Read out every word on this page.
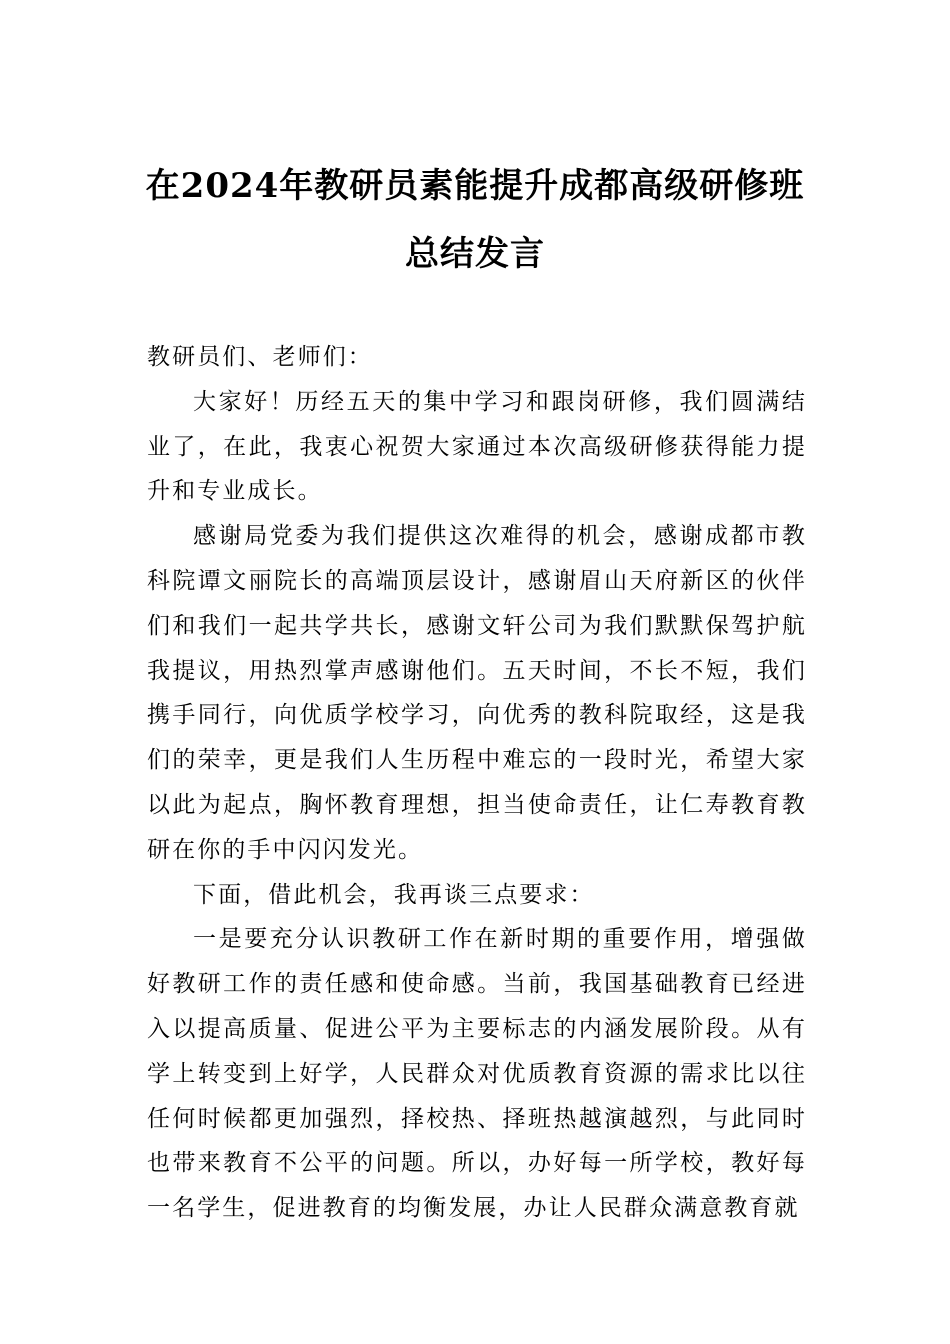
在2024年教研员素能提升成都高级研修班
总结发言

教研员们、老师们：

大家好！历经五天的集中学习和跟岗研修，我们圆满结业了，在此，我衷心祝贺大家通过本次高级研修获得能力提升和专业成长。

感谢局党委为我们提供这次难得的机会，感谢成都市教科院谭文丽院长的高端顶层设计，感谢眉山天府新区的伙伴们和我们一起共学共长，感谢文轩公司为我们默默保驾护航我提议，用热烈掌声感谢他们。五天时间，不长不短，我们携手同行，向优质学校学习，向优秀的教科院取经，这是我们的荣幸，更是我们人生历程中难忘的一段时光，希望大家以此为起点，胸怀教育理想，担当使命责任，让仁寿教育教研在你的手中闪闪发光。

下面，借此机会，我再谈三点要求：

一是要充分认识教研工作在新时期的重要作用，增强做好教研工作的责任感和使命感。当前，我国基础教育已经进入以提高质量、促进公平为主要标志的内涵发展阶段。从有学上转变到上好学，人民群众对优质教育资源的需求比以往任何时候都更加强烈，择校热、择班热越演越烈，与此同时也带来教育不公平的问题。所以，办好每一所学校，教好每一名学生，促进教育的均衡发展，办让人民群众满意教育就
